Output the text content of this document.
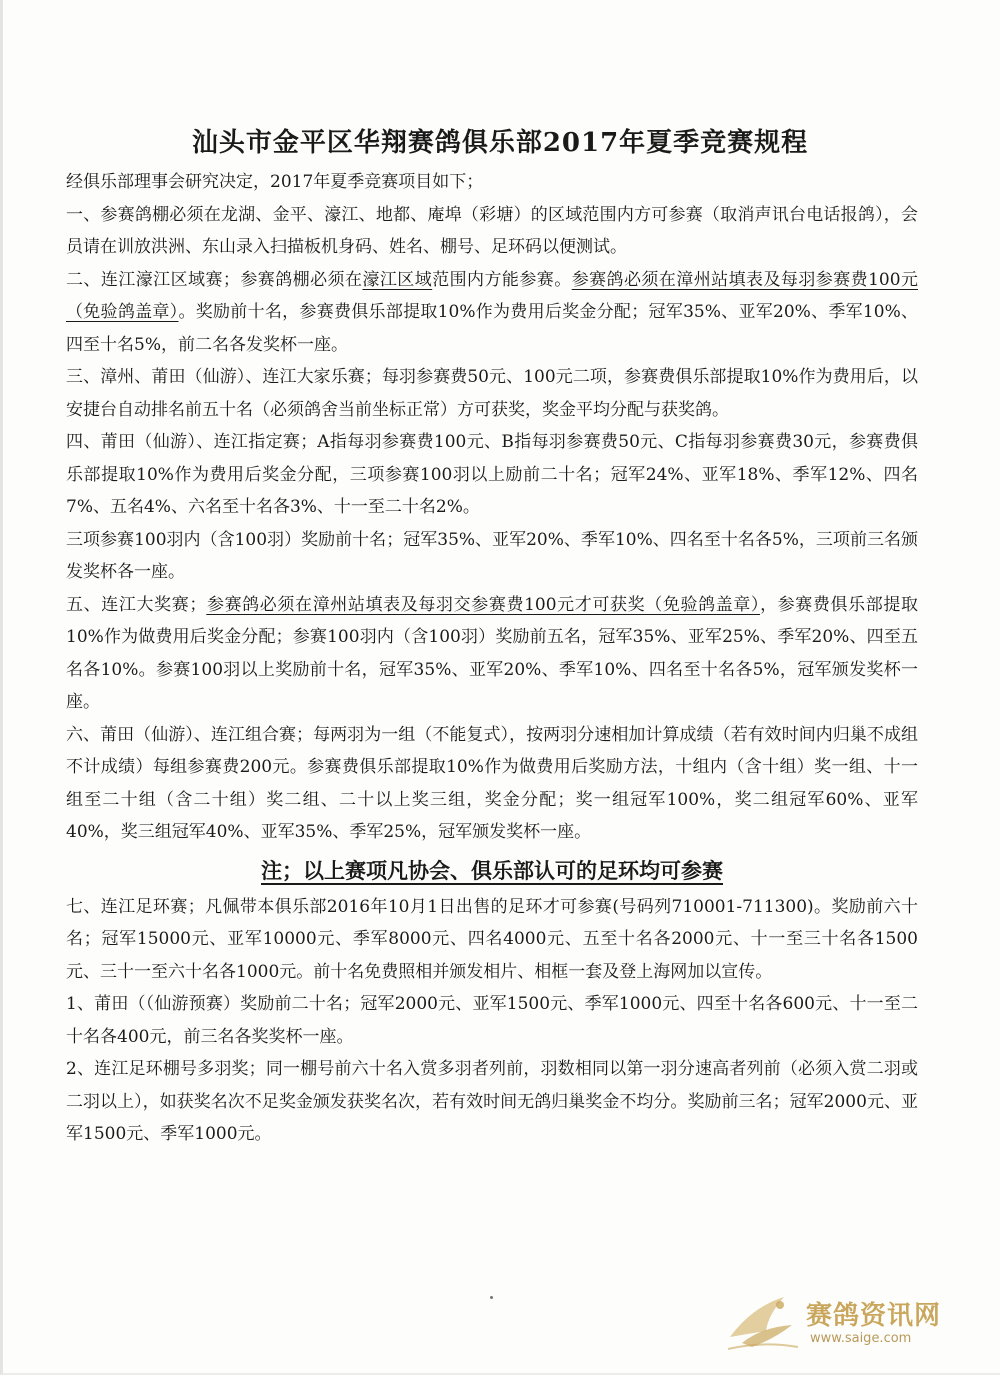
汕头市金平区华翔赛鸽俱乐部2017年夏季竞赛规程

经俱乐部理事会研究决定，2017年夏季竞赛项目如下；

一、参赛鸽棚必须在龙湖、金平、濠江、地都、庵埠（彩塘）的区域范围内方可参赛（取消声讯台电话报鸽），会员请在训放洪洲、东山录入扫描板机身码、姓名、棚号、足环码以便测试。

二、连江濠江区域赛；参赛鸽棚必须在濠江区域范围内方能参赛。参赛鸽必须在漳州站填表及每羽参赛费100元（免验鸽盖章）。奖励前十名，参赛费俱乐部提取10%作为费用后奖金分配；冠军35%、亚军20%、季军10%、四至十名5%，前二名各发奖杯一座。

三、漳州、莆田（仙游）、连江大家乐赛；每羽参赛费50元、100元二项，参赛费俱乐部提取10%作为费用后，以安捷台自动排名前五十名（必须鸽舍当前坐标正常）方可获奖，奖金平均分配与获奖鸽。

四、莆田（仙游）、连江指定赛；A指每羽参赛费100元、B指每羽参赛费50元、C指每羽参赛费30元，参赛费俱乐部提取10%作为费用后奖金分配，三项参赛100羽以上励前二十名；冠军24%、亚军18%、季军12%、四名7%、五名4%、六名至十名各3%、十一至二十名2%。

三项参赛100羽内（含100羽）奖励前十名；冠军35%、亚军20%、季军10%、四名至十名各5%，三项前三名颁发奖杯各一座。

五、连江大奖赛；参赛鸽必须在漳州站填表及每羽交参赛费100元才可获奖（免验鸽盖章），参赛费俱乐部提取10%作为做费用后奖金分配；参赛100羽内（含100羽）奖励前五名，冠军35%、亚军25%、季军20%、四至五名各10%。参赛100羽以上奖励前十名，冠军35%、亚军20%、季军10%、四名至十名各5%，冠军颁发奖杯一座。

六、莆田（仙游）、连江组合赛；每两羽为一组（不能复式），按两羽分速相加计算成绩（若有效时间内归巢不成组不计成绩）每组参赛费200元。参赛费俱乐部提取10%作为做费用后奖励方法，十组内（含十组）奖一组、十一组至二十组（含二十组）奖二组、二十以上奖三组，奖金分配；奖一组冠军100%，奖二组冠军60%、亚军40%，奖三组冠军40%、亚军35%、季军25%，冠军颁发奖杯一座。

注；以上赛项凡协会、俱乐部认可的足环均可参赛

七、连江足环赛；凡佩带本俱乐部2016年10月1日出售的足环才可参赛(号码列710001-711300)。奖励前六十名；冠军15000元、亚军10000元、季军8000元、四名4000元、五至十名各2000元、十一至三十名各1500元、三十一至六十名各1000元。前十名免费照相并颁发相片、相框一套及登上海网加以宣传。

1、莆田（（仙游预赛）奖励前二十名；冠军2000元、亚军1500元、季军1000元、四至十名各600元、十一至二十名各400元，前三名各奖奖杯一座。

2、连江足环棚号多羽奖；同一棚号前六十名入赏多羽者列前，羽数相同以第一羽分速高者列前（必须入赏二羽或二羽以上），如获奖名次不足奖金颁发获奖名次，若有效时间无鸽归巢奖金不均分。奖励前三名；冠军2000元、亚军1500元、季军1000元。

赛鸽资讯网
www.saige.com
